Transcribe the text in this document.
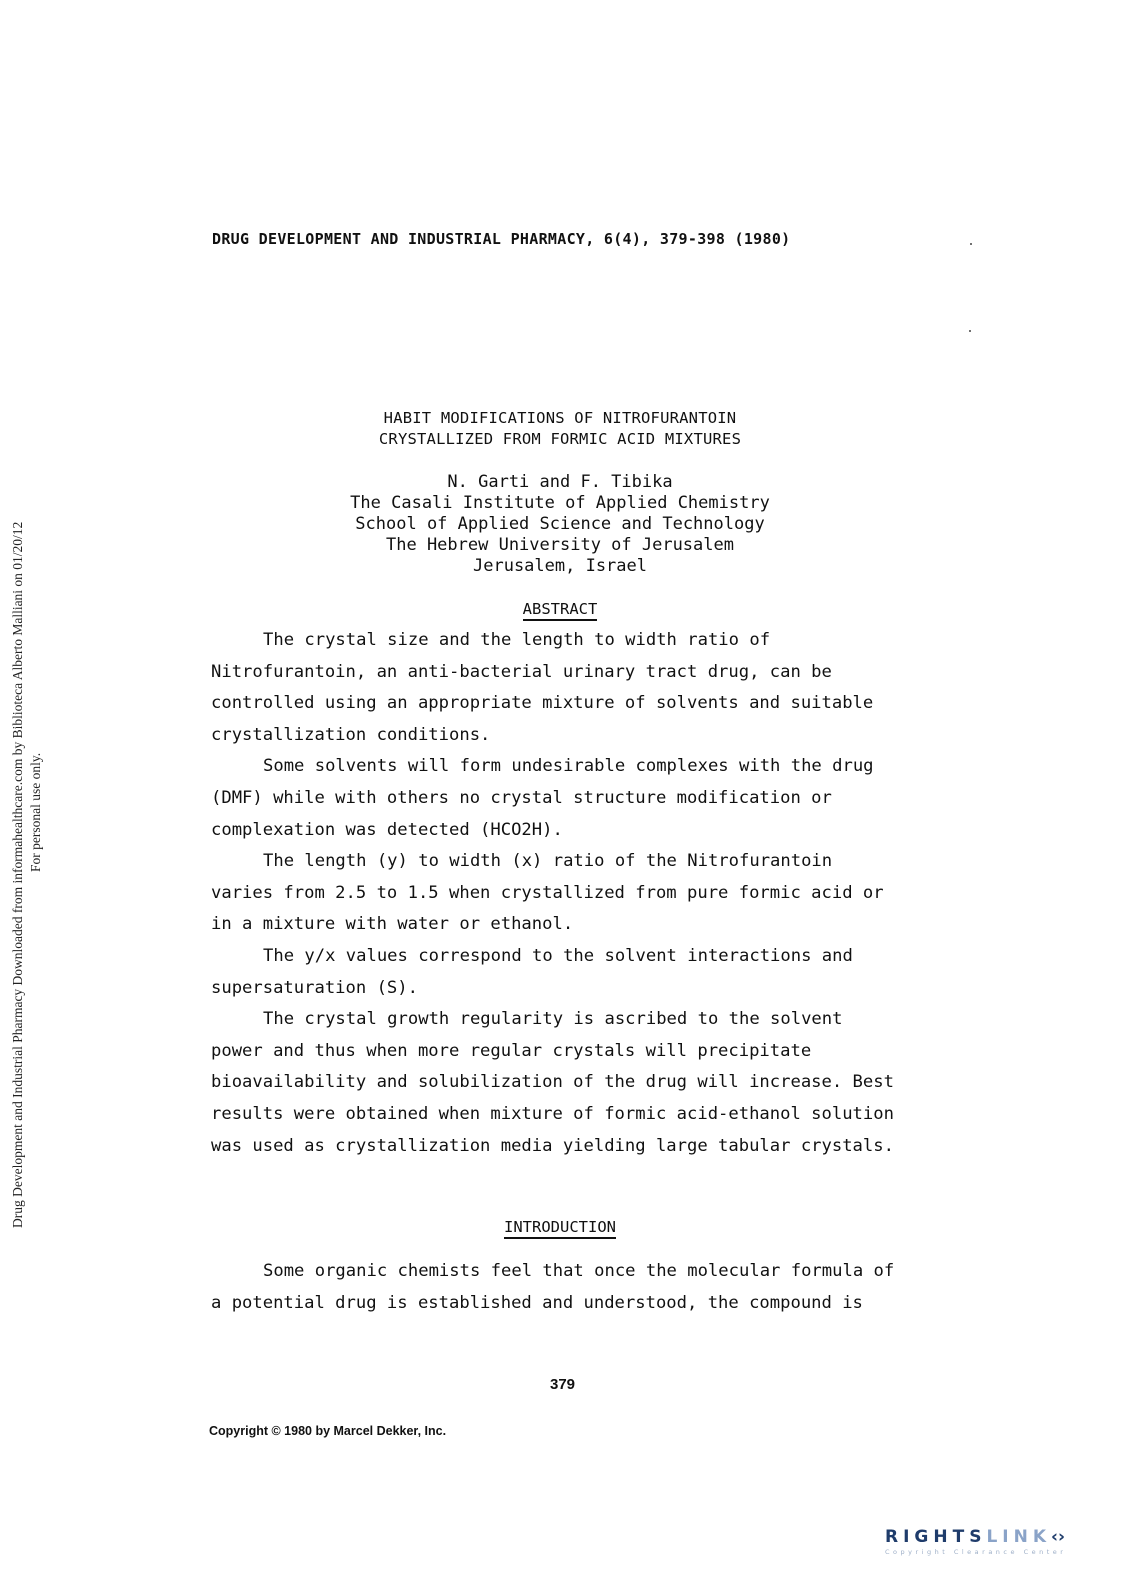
Drug Development and Industrial Pharmacy Downloaded from informahealthcare.com by Biblioteca Alberto Malliani on 01/20/12 For personal use only.
DRUG DEVELOPMENT AND INDUSTRIAL PHARMACY, 6(4), 379-398 (1980)
HABIT MODIFICATIONS OF NITROFURANTOIN
CRYSTALLIZED FROM FORMIC ACID MIXTURES
N. Garti and F. Tibika
The Casali Institute of Applied Chemistry
School of Applied Science and Technology
The Hebrew University of Jerusalem
Jerusalem, Israel
ABSTRACT

The crystal size and the length to width ratio of Nitrofurantoin, an anti-bacterial urinary tract drug, can be controlled using an appropriate mixture of solvents and suitable crystallization conditions.

Some solvents will form undesirable complexes with the drug (DMF) while with others no crystal structure modification or complexation was detected (HCO2H).

The length (y) to width (x) ratio of the Nitrofurantoin varies from 2.5 to 1.5 when crystallized from pure formic acid or in a mixture with water or ethanol.

The y/x values correspond to the solvent interactions and supersaturation (S).

The crystal growth regularity is ascribed to the solvent power and thus when more regular crystals will precipitate bioavailability and solubilization of the drug will increase. Best results were obtained when mixture of formic acid-ethanol solution was used as crystallization media yielding large tabular crystals.

INTRODUCTION

Some organic chemists feel that once the molecular formula of a potential drug is established and understood, the compound is

379
Copyright © 1980 by Marcel Dekker, Inc.
RIGHTSLINK‹›
Copyright Clearance Center
